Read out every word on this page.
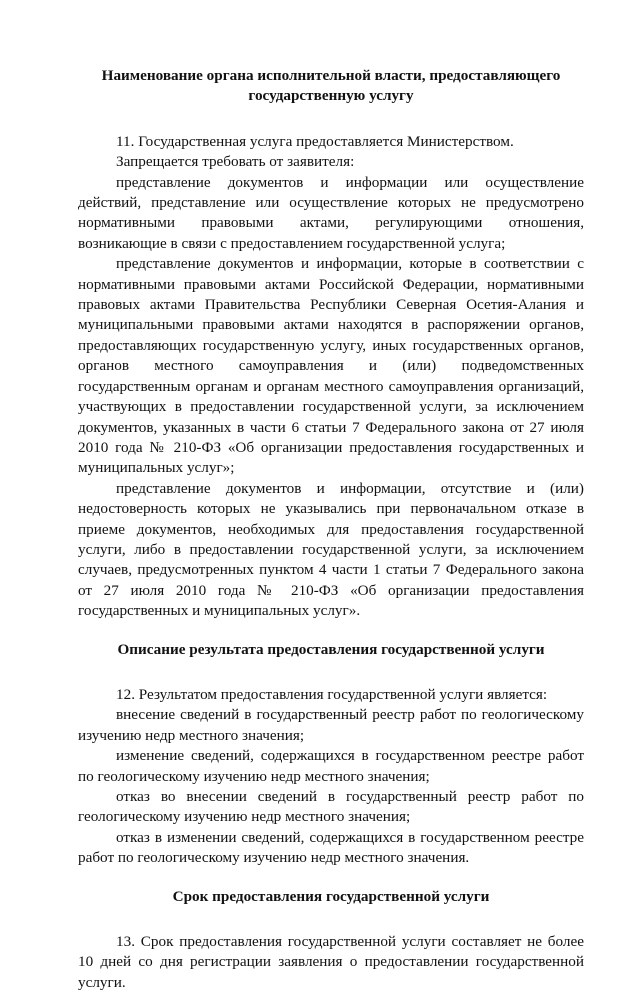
Наименование органа исполнительной власти, предоставляющего государственную услугу

11. Государственная услуга предоставляется Министерством.

Запрещается требовать от заявителя:

представление документов и информации или осуществление действий, представление или осуществление которых не предусмотрено нормативными правовыми актами, регулирующими отношения, возникающие в связи с предоставлением государственной услуга;

представление документов и информации, которые в соответствии с нормативными правовыми актами Российской Федерации, нормативными правовых актами Правительства Республики Северная Осетия-Алания и муниципальными правовыми актами находятся в распоряжении органов, предоставляющих государственную услугу, иных государственных органов, органов местного самоуправления и (или) подведомственных государственным органам и органам местного самоуправления организаций, участвующих в предоставлении государственной услуги, за исключением документов, указанных в части 6 статьи 7 Федерального закона от 27 июля 2010 года № 210-ФЗ «Об организации предоставления государственных и муниципальных услуг»;

представление документов и информации, отсутствие и (или) недостоверность которых не указывались при первоначальном отказе в приеме документов, необходимых для предоставления государственной услуги, либо в предоставлении государственной услуги, за исключением случаев, предусмотренных пунктом 4 части 1 статьи 7 Федерального закона от 27 июля 2010 года № 210-ФЗ «Об организации предоставления государственных и муниципальных услуг».

Описание результата предоставления государственной услуги

12. Результатом предоставления государственной услуги является:

внесение сведений в государственный реестр работ по геологическому изучению недр местного значения;

изменение сведений, содержащихся в государственном реестре работ по геологическому изучению недр местного значения;

отказ во внесении сведений в государственный реестр работ по геологическому изучению недр местного значения;

отказ в изменении сведений, содержащихся в государственном реестре работ по геологическому изучению недр местного значения.

Срок предоставления государственной услуги

13. Срок предоставления государственной услуги составляет не более 10 дней со дня регистрации заявления о предоставлении государственной услуги.
